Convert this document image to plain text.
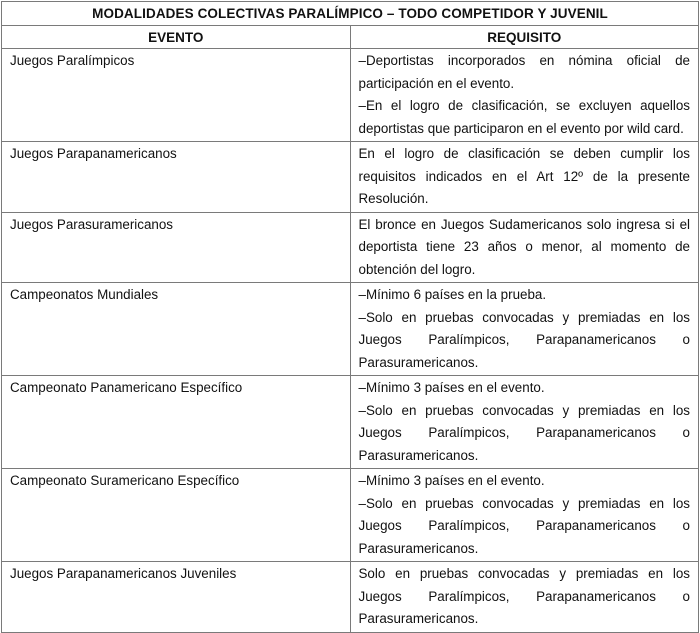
MODALIDADES COLECTIVAS PARALÍMPICO – TODO COMPETIDOR Y JUVENIL	
EVENTO	REQUISITO
Juegos Paralímpicos	–Deportistas incorporados en nómina oficial de participación en el evento.
–En el logro de clasificación, se excluyen aquellos deportistas que participaron en el evento por wild card.

Juegos Parapanamericanos	En el logro de clasificación se deben cumplir los requisitos indicados en el Art 12º de la presente Resolución.

Juegos Parasuramericanos	El bronce en Juegos Sudamericanos solo ingresa si el deportista tiene 23 años o menor, al momento de obtención del logro.

Campeonatos Mundiales	–Mínimo 6 países en la prueba.
–Solo en pruebas convocadas y premiadas en los Juegos Paralímpicos, Parapanamericanos o Parasuramericanos.

Campeonato Panamericano Específico	–Mínimo 3 países en el evento.
–Solo en pruebas convocadas y premiadas en los Juegos Paralímpicos, Parapanamericanos o Parasuramericanos.

Campeonato Suramericano Específico	–Mínimo 3 países en el evento.
–Solo en pruebas convocadas y premiadas en los Juegos Paralímpicos, Parapanamericanos o Parasuramericanos.

Juegos Parapanamericanos Juveniles	Solo en pruebas convocadas y premiadas en los Juegos Paralímpicos, Parapanamericanos o Parasuramericanos.
